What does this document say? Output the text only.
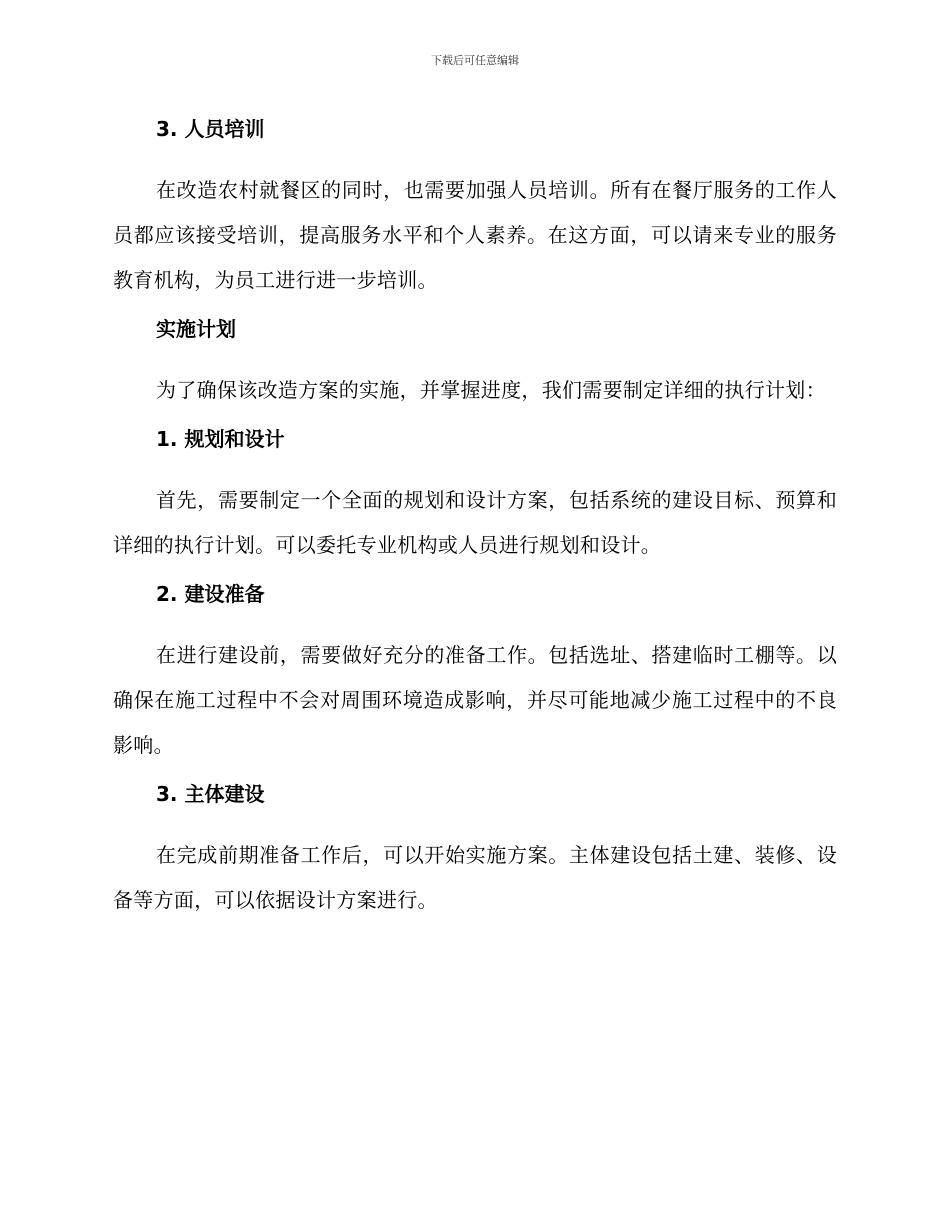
下载后可任意编辑
3. 人员培训

在改造农村就餐区的同时，也需要加强人员培训。所有在餐厅服务的工作人员都应该接受培训，提高服务水平和个人素养。在这方面，可以请来专业的服务教育机构，为员工进行进一步培训。

实施计划

为了确保该改造方案的实施，并掌握进度，我们需要制定详细的执行计划：

1. 规划和设计

首先，需要制定一个全面的规划和设计方案，包括系统的建设目标、预算和详细的执行计划。可以委托专业机构或人员进行规划和设计。

2. 建设准备

在进行建设前，需要做好充分的准备工作。包括选址、搭建临时工棚等。以确保在施工过程中不会对周围环境造成影响，并尽可能地减少施工过程中的不良影响。

3. 主体建设

在完成前期准备工作后，可以开始实施方案。主体建设包括土建、装修、设备等方面，可以依据设计方案进行。
